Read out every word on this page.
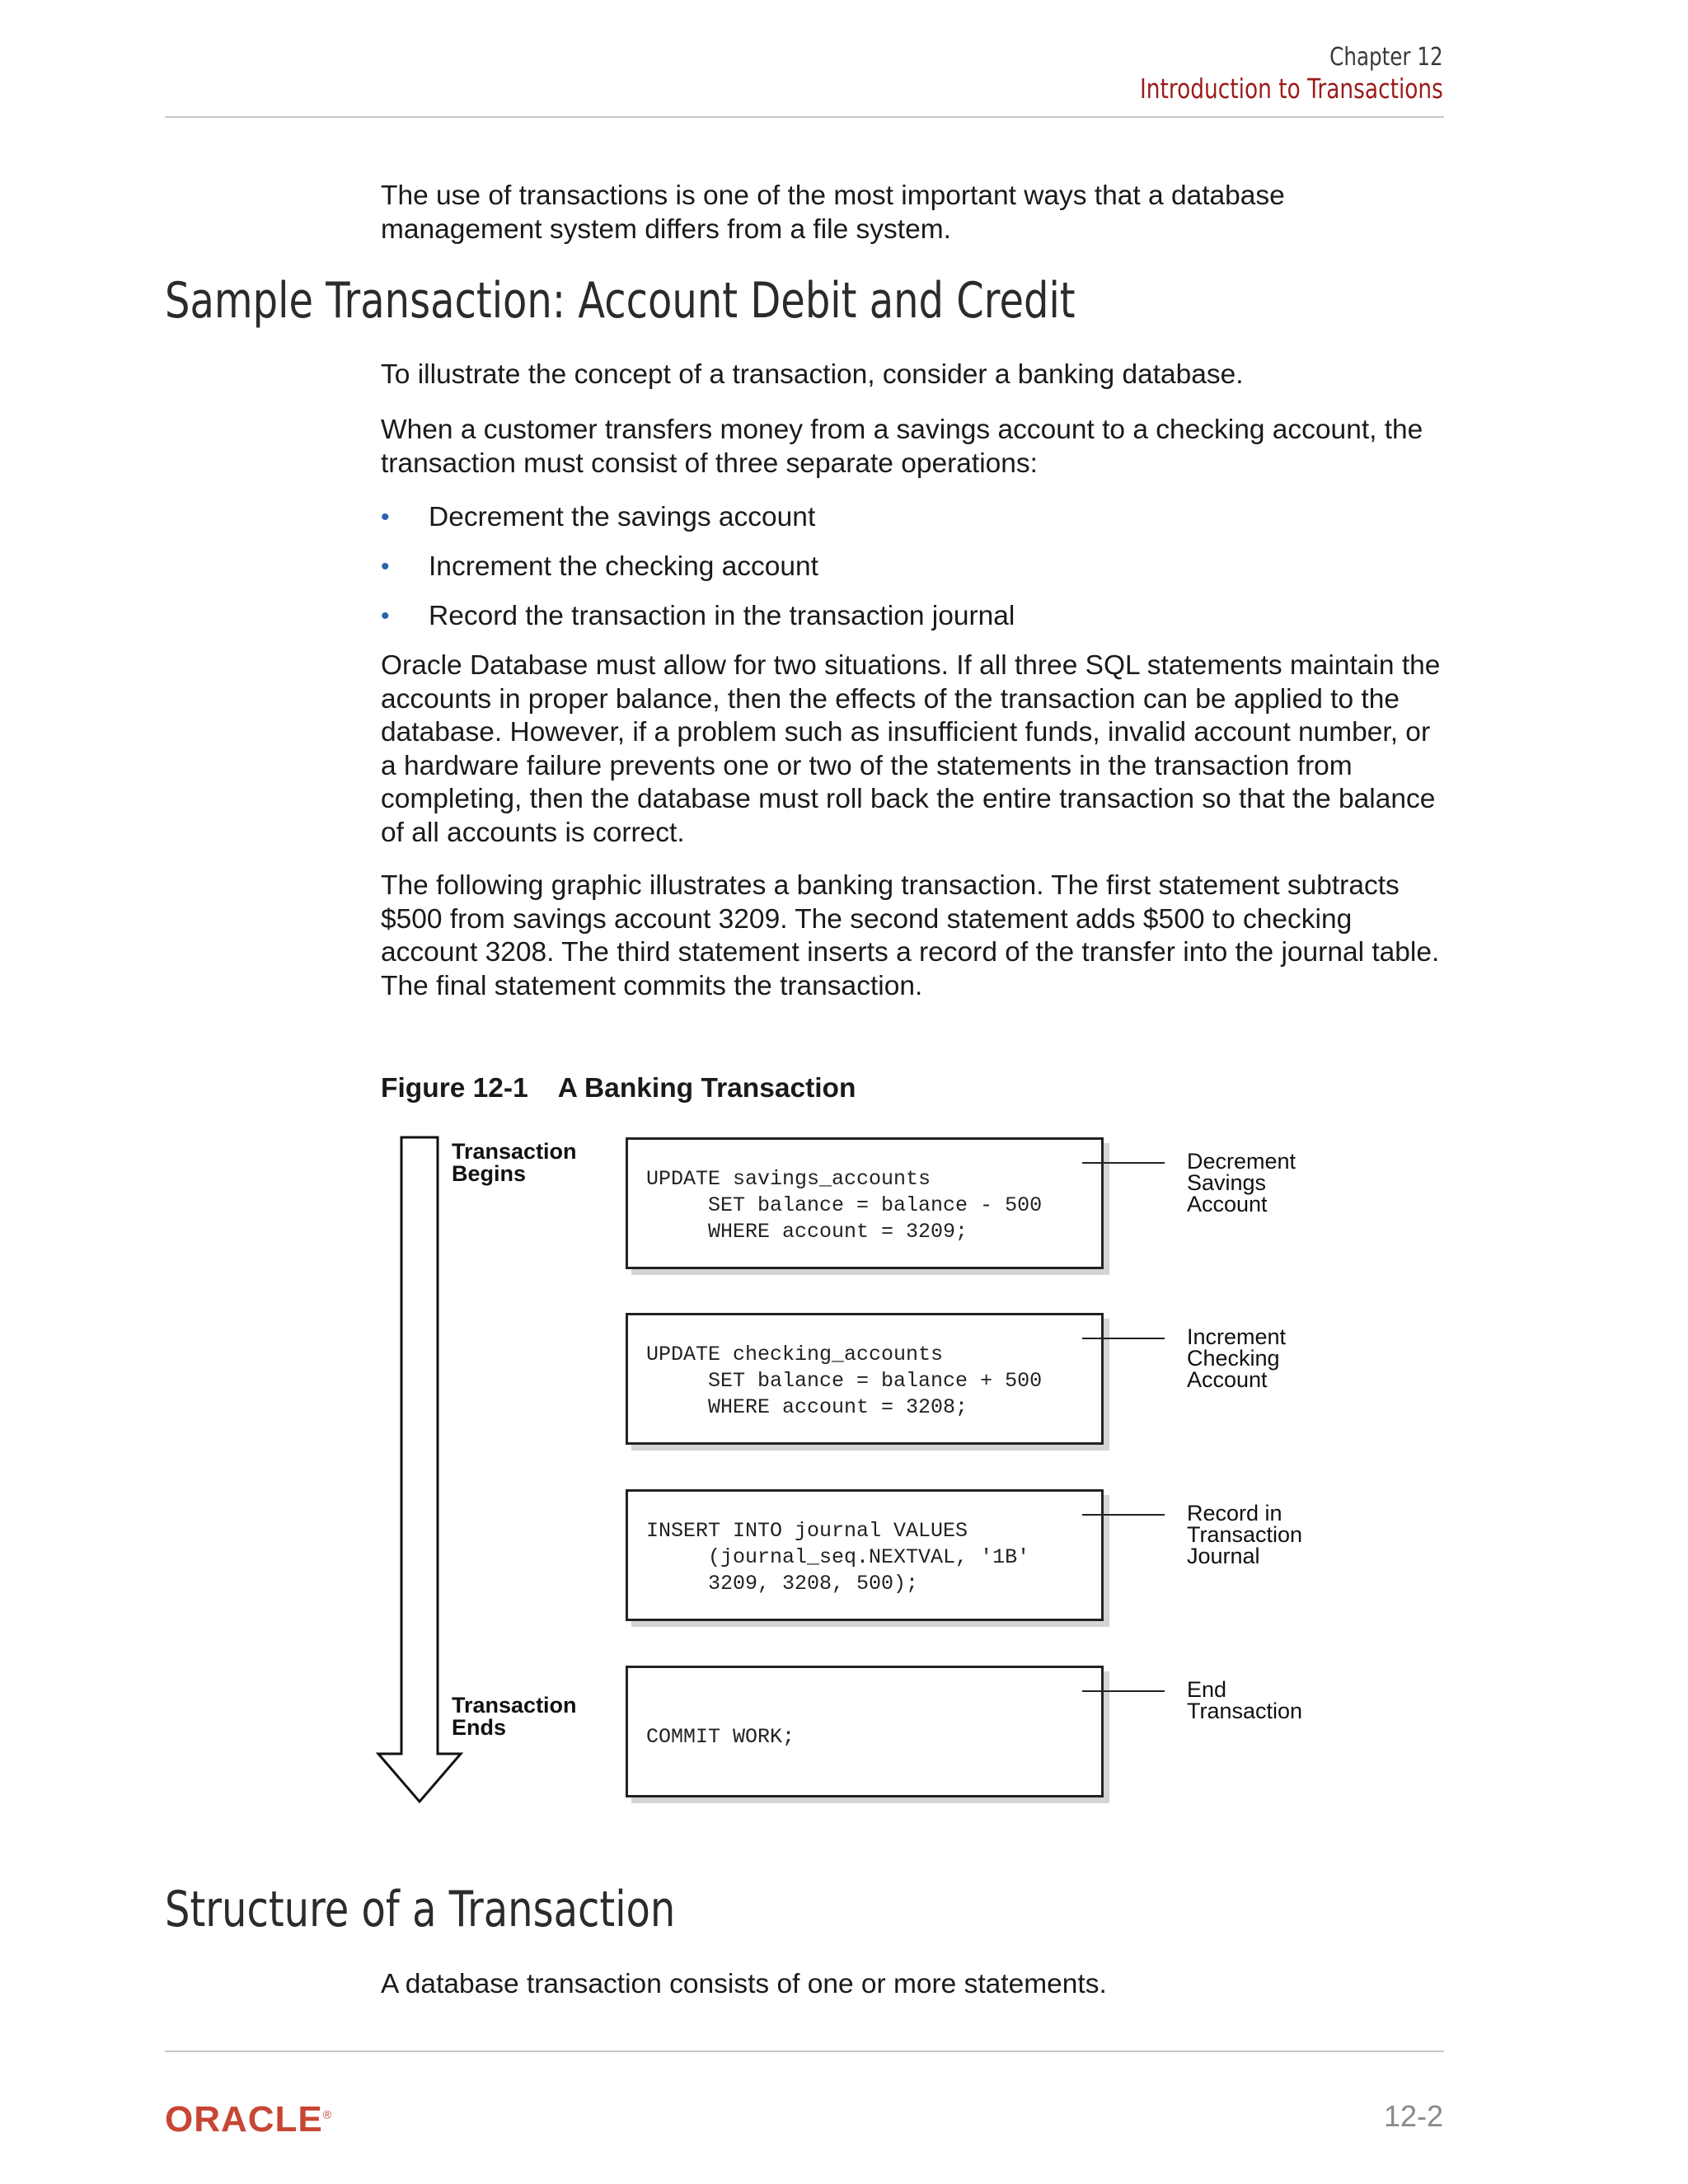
Chapter 12
Introduction to Transactions
The use of transactions is one of the most important ways that a database management system differs from a file system.
Sample Transaction: Account Debit and Credit
To illustrate the concept of a transaction, consider a banking database.
When a customer transfers money from a savings account to a checking account, the transaction must consist of three separate operations:
• Decrement the savings account
• Increment the checking account
• Record the transaction in the transaction journal
Oracle Database must allow for two situations. If all three SQL statements maintain the accounts in proper balance, then the effects of the transaction can be applied to the database. However, if a problem such as insufficient funds, invalid account number, or a hardware failure prevents one or two of the statements in the transaction from completing, then the database must roll back the entire transaction so that the balance of all accounts is correct.
The following graphic illustrates a banking transaction. The first statement subtracts $500 from savings account 3209. The second statement adds $500 to checking account 3208. The third statement inserts a record of the transfer into the journal table. The final statement commits the transaction.
Figure 12-1 A Banking Transaction
Transaction
Begins
Transaction
Ends
UPDATE savings_accounts
SET balance = balance - 500
WHERE account = 3209;
Decrement
Savings
Account
UPDATE checking_accounts
SET balance = balance + 500
WHERE account = 3208;
Increment
Checking
Account
INSERT INTO journal VALUES
(journal_seq.NEXTVAL, '1B'
3209, 3208, 500);
Record in
Transaction
Journal
COMMIT WORK;
End
Transaction
Structure of a Transaction
A database transaction consists of one or more statements.
ORACLE®	12-2
